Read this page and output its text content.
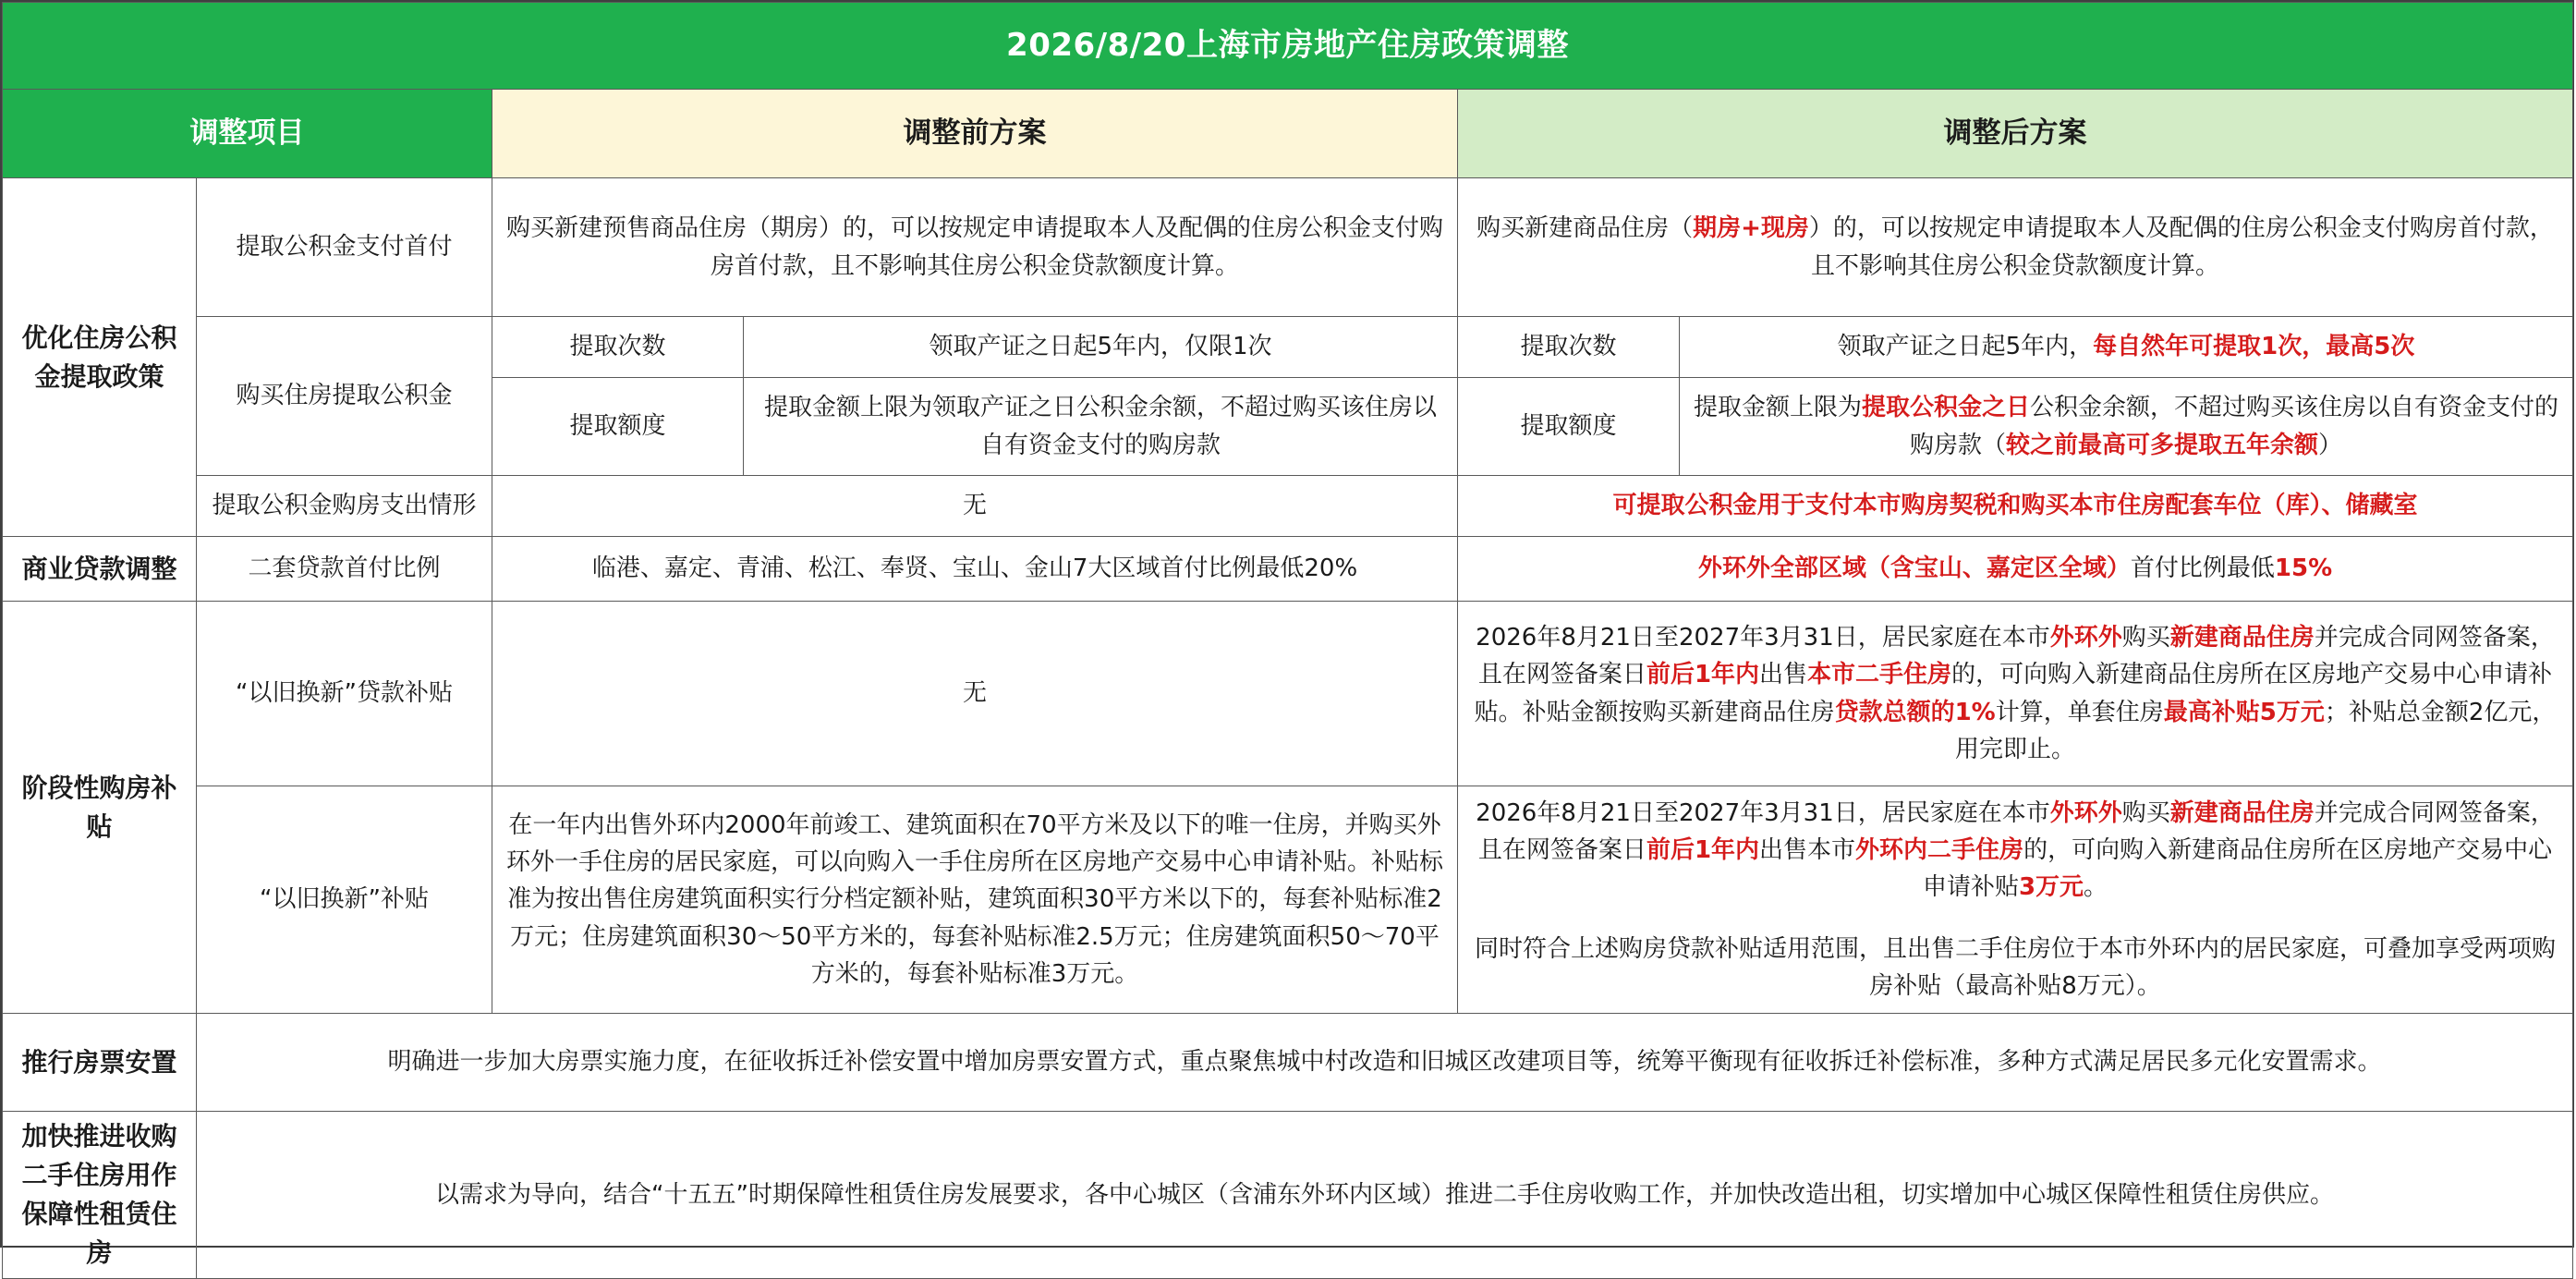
2026/8/20上海市房地产住房政策调整					
调整项目		调整前方案		调整后方案	
优化住房公积金提取政策	提取公积金支付首付	购买新建预售商品住房（期房）的，可以按规定申请提取本人及配偶的住房公积金支付购房首付款，且不影响其住房公积金贷款额度计算。		购买新建商品住房（期房+现房）的，可以按规定申请提取本人及配偶的住房公积金支付购房首付款，且不影响其住房公积金贷款额度计算。	
	购买住房提取公积金	提取次数	领取产证之日起5年内，仅限1次	提取次数	领取产证之日起5年内，每自然年可提取1次，最高5次
		提取额度	提取金额上限为领取产证之日公积金余额，不超过购买该住房以自有资金支付的购房款	提取额度	提取金额上限为提取公积金之日公积金余额，不超过购买该住房以自有资金支付的购房款（较之前最高可多提取五年余额）
	提取公积金购房支出情形	无		可提取公积金用于支付本市购房契税和购买本市住房配套车位（库）、储藏室	
商业贷款调整	二套贷款首付比例	临港、嘉定、青浦、松江、奉贤、宝山、金山7大区域首付比例最低20%		外环外全部区域（含宝山、嘉定区全域）首付比例最低15%	
阶段性购房补贴	“以旧换新”贷款补贴	无		2026年8月21日至2027年3月31日，居民家庭在本市外环外购买新建商品住房并完成合同网签备案，且在网签备案日前后1年内出售本市二手住房的，可向购入新建商品住房所在区房地产交易中心申请补贴。补贴金额按购买新建商品住房贷款总额的1%计算，单套住房最高补贴5万元；补贴总金额2亿元，用完即止。	
	“以旧换新”补贴	在一年内出售外环内2000年前竣工、建筑面积在70平方米及以下的唯一住房，并购买外环外一手住房的居民家庭，可以向购入一手住房所在区房地产交易中心申请补贴。补贴标准为按出售住房建筑面积实行分档定额补贴，建筑面积30平方米以下的，每套补贴标准2万元；住房建筑面积30～50平方米的，每套补贴标准2.5万元；住房建筑面积50～70平方米的，每套补贴标准3万元。		2026年8月21日至2027年3月31日，居民家庭在本市外环外购买新建商品住房并完成合同网签备案，且在网签备案日前后1年内出售本市外环内二手住房的，可向购入新建商品住房所在区房地产交易中心申请补贴3万元。
同时符合上述购房贷款补贴适用范围，且出售二手住房位于本市外环内的居民家庭，可叠加享受两项购房补贴（最高补贴8万元）。	
推行房票安置	明确进一步加大房票实施力度，在征收拆迁补偿安置中增加房票安置方式，重点聚焦城中村改造和旧城区改建项目等，统筹平衡现有征收拆迁补偿标准，多种方式满足居民多元化安置需求。				
加快推进收购二手住房用作保障性租赁住房	以需求为导向，结合“十五五”时期保障性租赁住房发展要求，各中心城区（含浦东外环内区域）推进二手住房收购工作，并加快改造出租，切实增加中心城区保障性租赁住房供应。				
